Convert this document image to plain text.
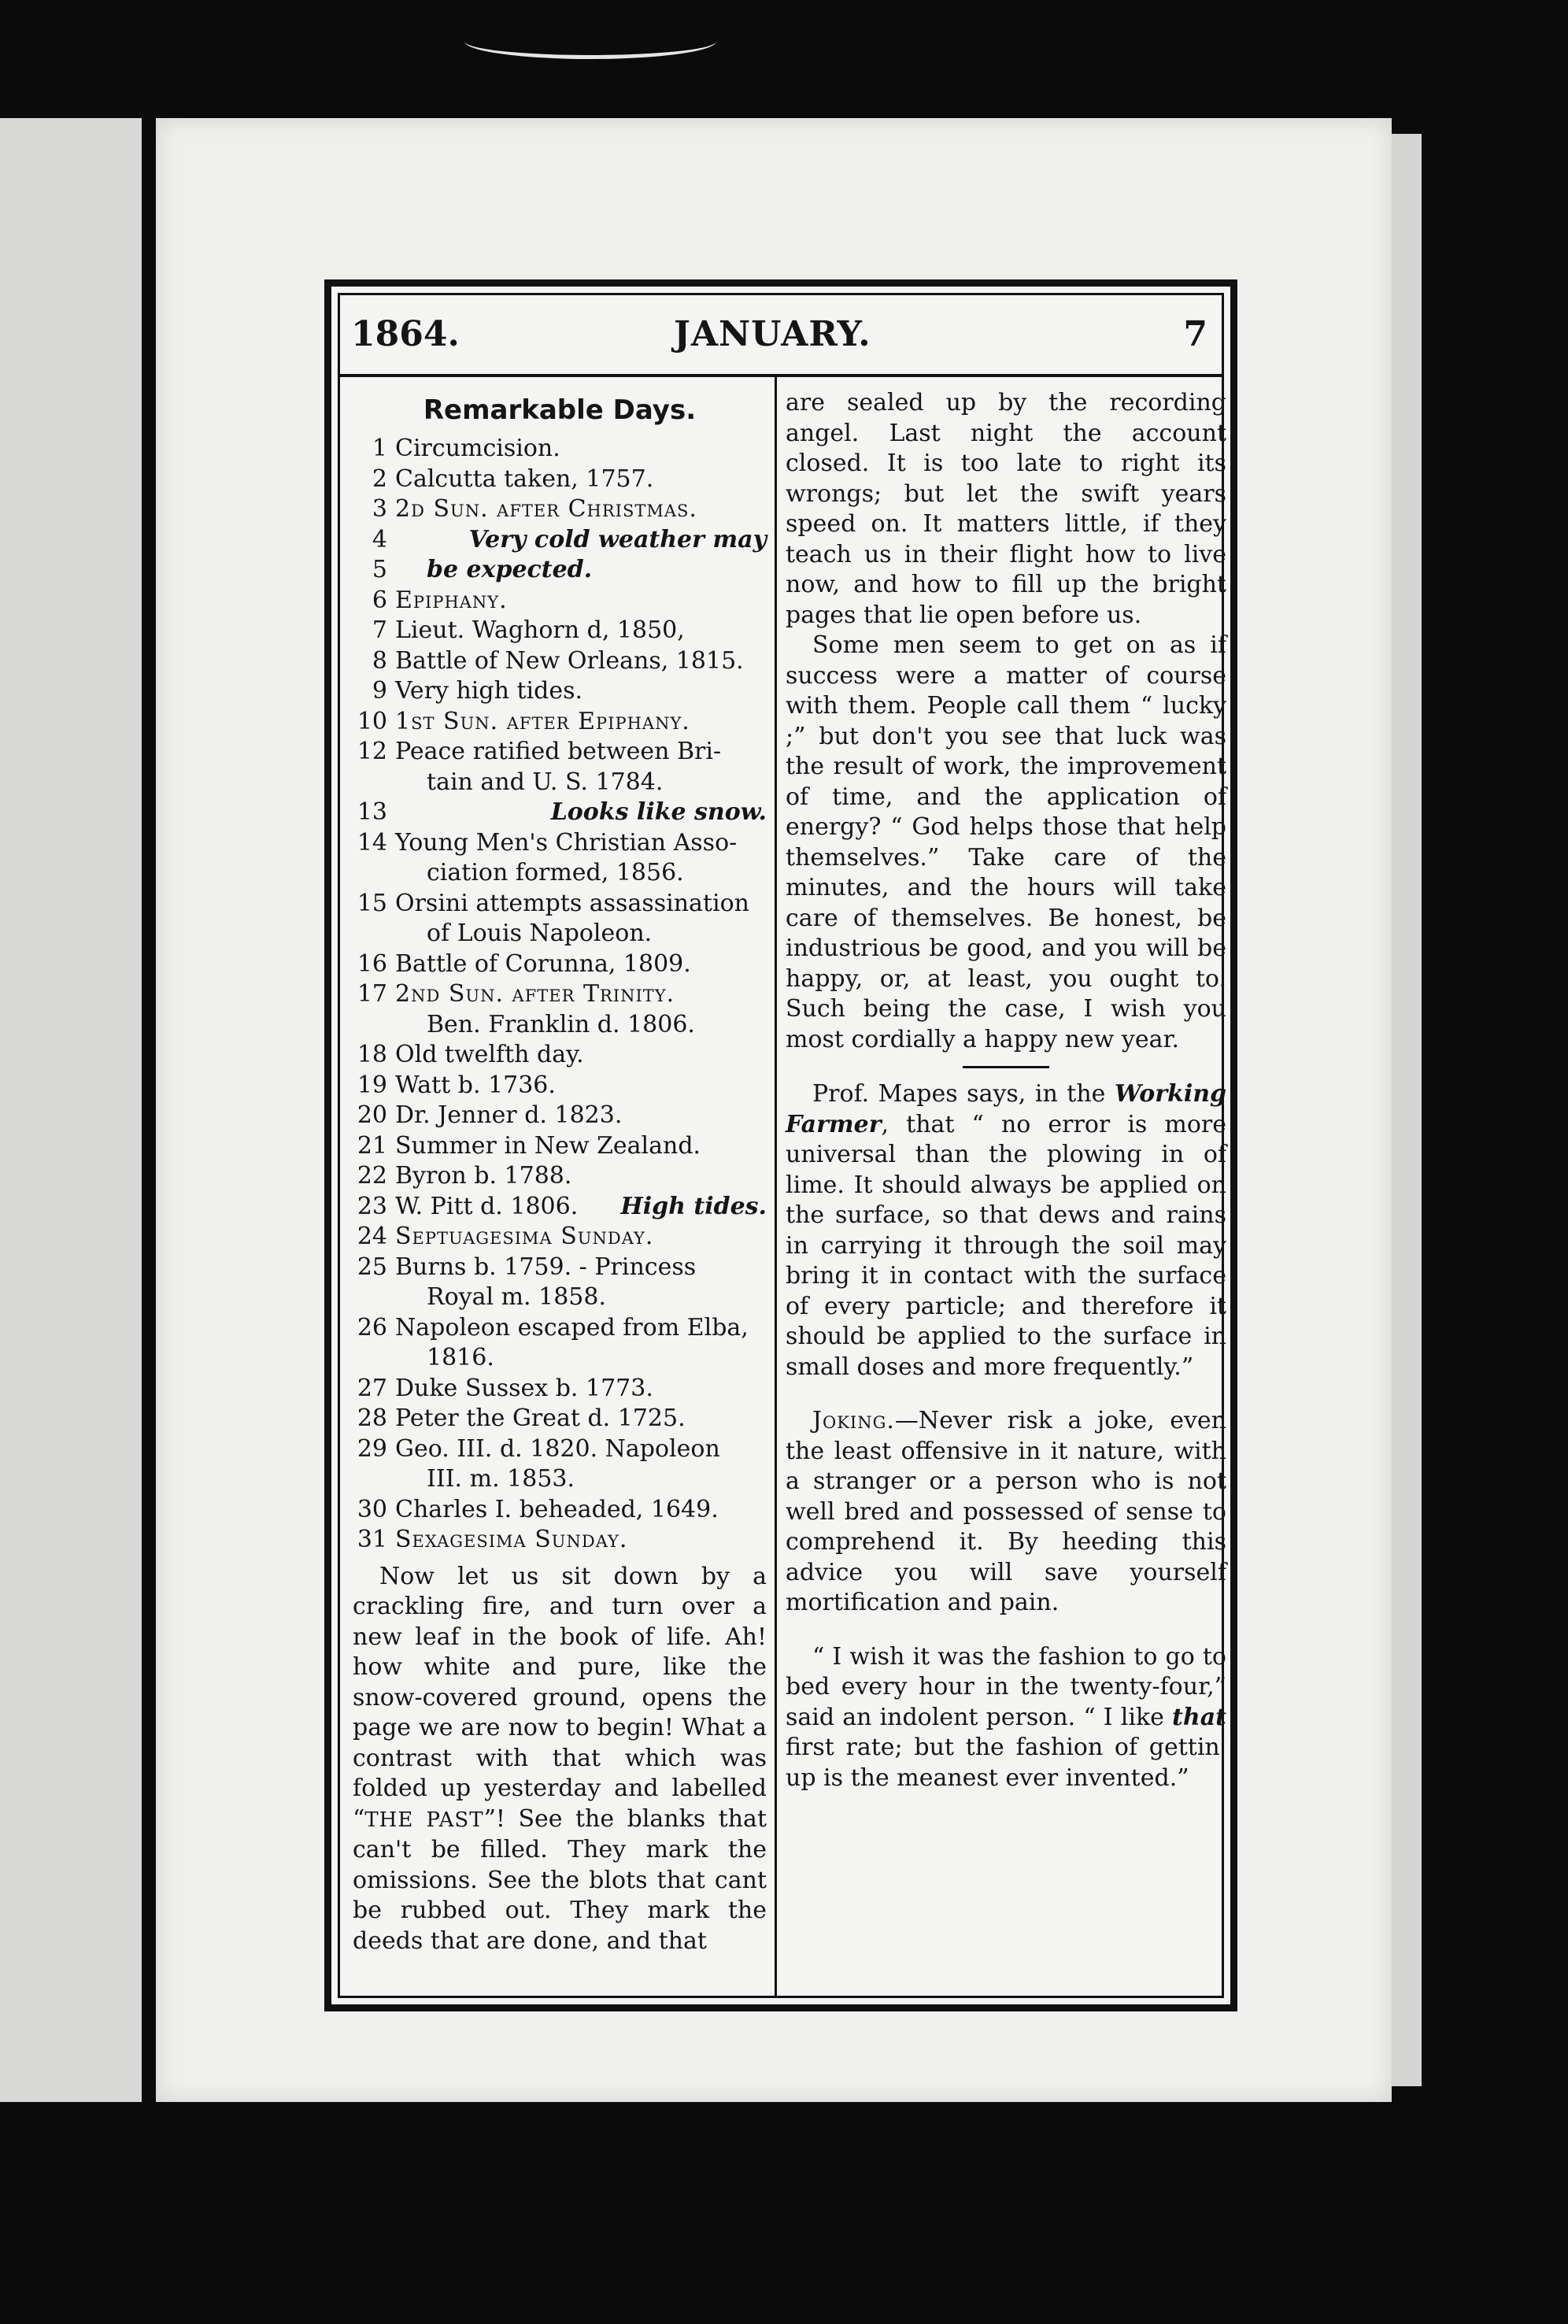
1864.	JANUARY.	7
Remarkable Days.
1 Circumcision.
2 Calcutta taken, 1757.
3 2d Sun. after Christmas.
4	Very cold weather may
5	be expected.
6 Epiphany.
7 Lieut. Waghorn d, 1850,
8 Battle of New Orleans, 1815.
9 Very high tides.
10 1st Sun. after Epiphany.
12 Peace ratified between Bri-
tain and U. S. 1784.
13	Looks like snow.
14 Young Men's Christian Asso-
ciation formed, 1856.
15 Orsini attempts assassination
of Louis Napoleon.
16 Battle of Corunna, 1809.
17 2nd Sun. after Trinity.
Ben. Franklin d. 1806.
18 Old twelfth day.
19 Watt b. 1736.
20 Dr. Jenner d. 1823.
21 Summer in New Zealand.
22 Byron b. 1788.
23 W. Pitt d. 1806. High tides.
24 Septuagesima Sunday.
25 Burns b. 1759. - Princess
Royal m. 1858.
26 Napoleon escaped from Elba,
1816.
27 Duke Sussex b. 1773.
28 Peter the Great d. 1725.
29 Geo. III. d. 1820. Napoleon
III. m. 1853.
30 Charles I. beheaded, 1649.
31 Sexagesima Sunday.

Now let us sit down by a crackling fire, and turn over a new leaf in the book of life. Ah! how white and pure, like the snow-covered ground, opens the page we are now to begin! What a contrast with that which was folded up yesterday and labelled “THE PAST”! See the blanks that can't be filled. They mark the omissions. See the blots that cant be rubbed out. They mark the deeds that are done, and that

are sealed up by the recording angel. Last night the account closed. It is too late to right its wrongs; but let the swift years speed on. It matters little, if they teach us in their flight how to live now, and how to fill up the bright pages that lie open before us.

Some men seem to get on as if success were a matter of course with them. People call them “ lucky ;” but don't you see that luck was the result of work, the improvement of time, and the application of energy? “ God helps those that help themselves.” Take care of the minutes, and the hours will take care of themselves. Be honest, be industrious be good, and you will be happy, or, at least, you ought to. Such being the case, I wish you most cordially a happy new year.

Prof. Mapes says, in the Working Farmer, that “ no error is more universal than the plowing in of lime. It should always be applied on the surface, so that dews and rains in carrying it through the soil may bring it in contact with the surface of every particle; and therefore it should be applied to the surface in small doses and more frequently.”

Joking.—Never risk a joke, even the least offensive in it nature, with a stranger or a person who is not well bred and possessed of sense to comprehend it. By heeding this advice you will save yourself mortification and pain.

“ I wish it was the fashion to go to bed every hour in the twenty-four,” said an indolent person. “ I like that first rate; but the fashion of gettin' up is the meanest ever invented.”
